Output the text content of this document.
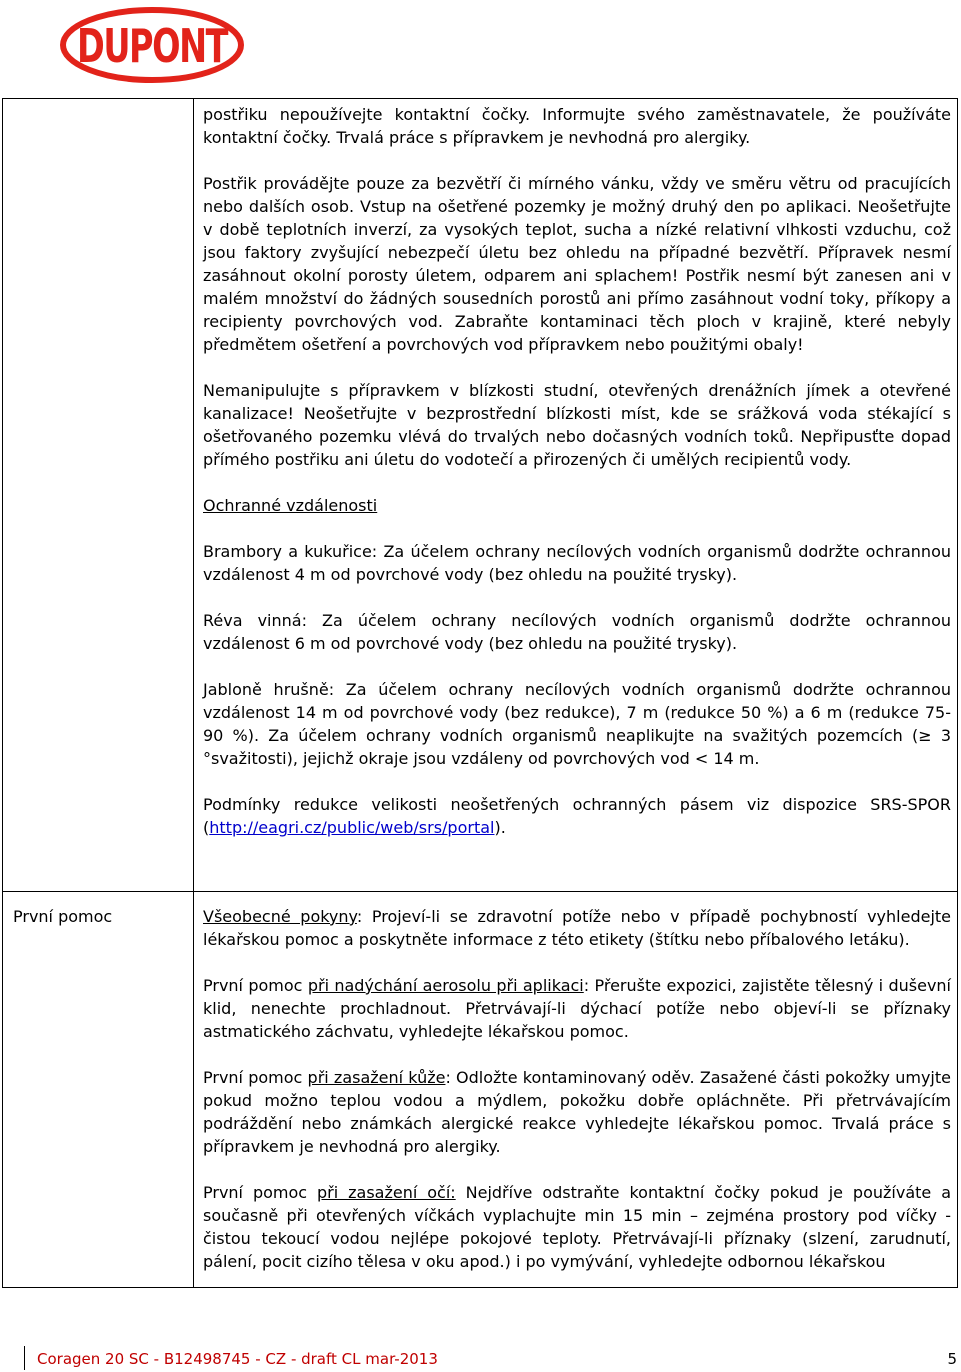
DUPONT

postřiku nepoužívejte kontaktní čočky. Informujte svého zaměstnavatele, že používáte kontaktní čočky. Trvalá práce s přípravkem je nevhodná pro alergiky.

Postřik provádějte pouze za bezvětří či mírného vánku, vždy ve směru větru od pracujících nebo dalších osob. Vstup na ošetřené pozemky je možný druhý den po aplikaci. Neošetřujte v době teplotních inverzí, za vysokých teplot, sucha a nízké relativní vlhkosti vzduchu, což jsou faktory zvyšující nebezpečí úletu bez ohledu na případné bezvětří. Přípravek nesmí zasáhnout okolní porosty úletem, odparem ani splachem! Postřik nesmí být zanesen ani v malém množství do žádných sousedních porostů ani přímo zasáhnout vodní toky, příkopy a recipienty povrchových vod. Zabraňte kontaminaci těch ploch v krajině, které nebyly předmětem ošetření a povrchových vod přípravkem nebo použitými obaly!

Nemanipulujte s přípravkem v blízkosti studní, otevřených drenážních jímek a otevřené kanalizace! Neošetřujte v bezprostřední blízkosti míst, kde se srážková voda stékající s ošetřovaného pozemku vlévá do trvalých nebo dočasných vodních toků. Nepřipusťte dopad přímého postřiku ani úletu do vodotečí a přirozených či umělých recipientů vody.

Ochranné vzdálenosti

Brambory a kukuřice: Za účelem ochrany necílových vodních organismů dodržte ochrannou vzdálenost 4 m od povrchové vody (bez ohledu na použité trysky).

Réva vinná: Za účelem ochrany necílových vodních organismů dodržte ochrannou vzdálenost 6 m od povrchové vody (bez ohledu na použité trysky).

Jabloně hrušně: Za účelem ochrany necílových vodních organismů dodržte ochrannou vzdálenost 14 m od povrchové vody (bez redukce), 7 m (redukce 50 %) a 6 m (redukce 75-90 %). Za účelem ochrany vodních organismů neaplikujte na svažitých pozemcích (≥ 3 °svažitosti), jejichž okraje jsou vzdáleny od povrchových vod < 14 m.

Podmínky redukce velikosti neošetřených ochranných pásem viz dispozice SRS-SPOR (http://eagri.cz/public/web/srs/portal).

První pomoc	Všeobecné pokyny: Projeví-li se zdravotní potíže nebo v případě pochybností vyhledejte lékařskou pomoc a poskytněte informace z této etikety (štítku nebo příbalového letáku).

První pomoc při nadýchání aerosolu při aplikaci: Přerušte expozici, zajistěte tělesný i duševní klid, nenechte prochladnout. Přetrvávají-li dýchací potíže nebo objeví-li se příznaky astmatického záchvatu, vyhledejte lékařskou pomoc.

První pomoc při zasažení kůže: Odložte kontaminovaný oděv. Zasažené části pokožky umyjte pokud možno teplou vodou a mýdlem, pokožku dobře opláchněte. Při přetrvávajícím podráždění nebo známkách alergické reakce vyhledejte lékařskou pomoc. Trvalá práce s přípravkem je nevhodná pro alergiky.

První pomoc při zasažení očí: Nejdříve odstraňte kontaktní čočky pokud je používáte a současně při otevřených víčkách vyplachujte min 15 min – zejména prostory pod víčky - čistou tekoucí vodou nejlépe pokojové teploty. Přetrvávají-li příznaky (slzení, zarudnutí, pálení, pocit cizího tělesa v oku apod.) i po vymývání, vyhledejte odbornou lékařskou

Coragen 20 SC - B12498745 - CZ - draft CL mar-2013	5
